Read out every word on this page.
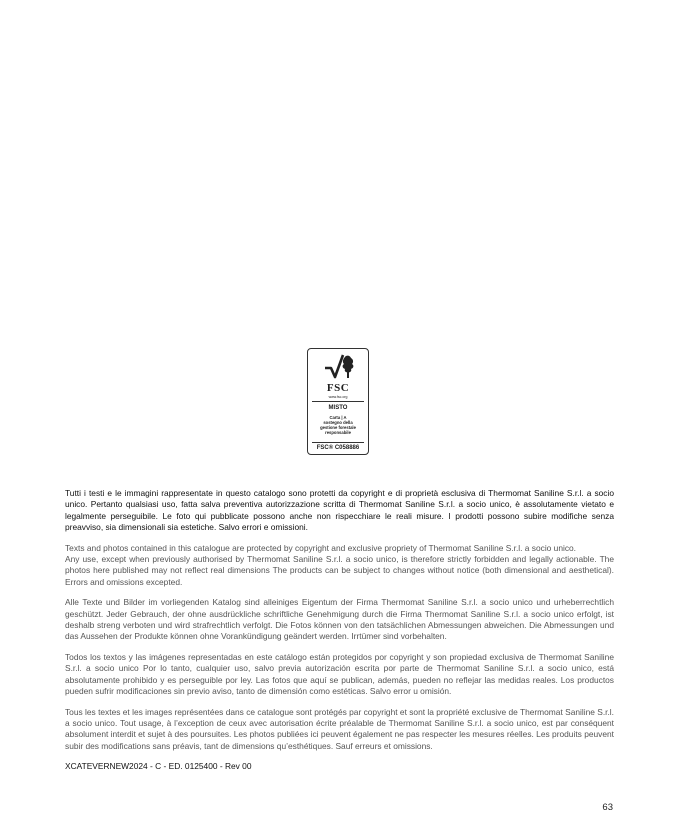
FSC
www.fsc.org
MISTO
Carta | A
sostegno della
gestione forestale
responsabile
FSC® C058886

Tutti i testi e le immagini rappresentate in questo catalogo sono protetti da copyright e di proprietà esclusiva di Thermomat Saniline S.r.l. a socio unico. Pertanto qualsiasi uso, fatta salva preventiva autorizzazione scritta di Thermomat Saniline S.r.l. a socio unico, è assolutamente vietato e legalmente perseguibile. Le foto qui pubblicate possono anche non rispecchiare le reali misure. I prodotti possono subire modifiche senza preavviso, sia dimensionali sia estetiche. Salvo errori e omissioni.

Texts and photos contained in this catalogue are protected by copyright and exclusive propriety of Thermomat Saniline S.r.l. a socio unico.
Any use, except when previously authorised by Thermomat Saniline S.r.l. a socio unico, is therefore strictly forbidden and legally actionable. The photos here published may not reflect real dimensions The products can be subject to changes without notice (both dimensional and aesthetical). Errors and omissions excepted.

Alle Texte und Bilder im vorliegenden Katalog sind alleiniges Eigentum der Firma Thermomat Saniline S.r.l. a socio unico und urheberrechtlich geschützt. Jeder Gebrauch, der ohne ausdrückliche schriftliche Genehmigung durch die Firma Thermomat Saniline S.r.l. a socio unico erfolgt, ist deshalb streng verboten und wird strafrechtlich verfolgt. Die Fotos können von den tatsächlichen Abmessungen abweichen. Die Abmessungen und das Aussehen der Produkte können ohne Vorankündigung geändert werden. Irrtümer sind vorbehalten.

Todos los textos y las imágenes representadas en este catálogo están protegidos por copyright y son propiedad exclusiva de Thermomat Saniline S.r.l. a socio unico Por lo tanto, cualquier uso, salvo previa autorización escrita por parte de Thermomat Saniline S.r.l. a socio unico, está absolutamente prohibido y es perseguible por ley. Las fotos que aquí se publican, además, pueden no reflejar las medidas reales. Los productos pueden sufrir modificaciones sin previo aviso, tanto de dimensión como estéticas. Salvo error u omisión.

Tous les textes et les images représentées dans ce catalogue sont protégés par copyright et sont la propriété exclusive de Thermomat Saniline S.r.l. a socio unico. Tout usage, à l’exception de ceux avec autorisation écrite préalable de Thermomat Saniline S.r.l. a socio unico, est par conséquent absolument interdit et sujet à des poursuites. Les photos publiées ici peuvent également ne pas respecter les mesures réelles. Les produits peuvent subir des modifications sans préavis, tant de dimensions qu’esthétiques. Sauf erreurs et omissions.

XCATEVERNEW2024 - C - ED. 0125400 - Rev 00

63
